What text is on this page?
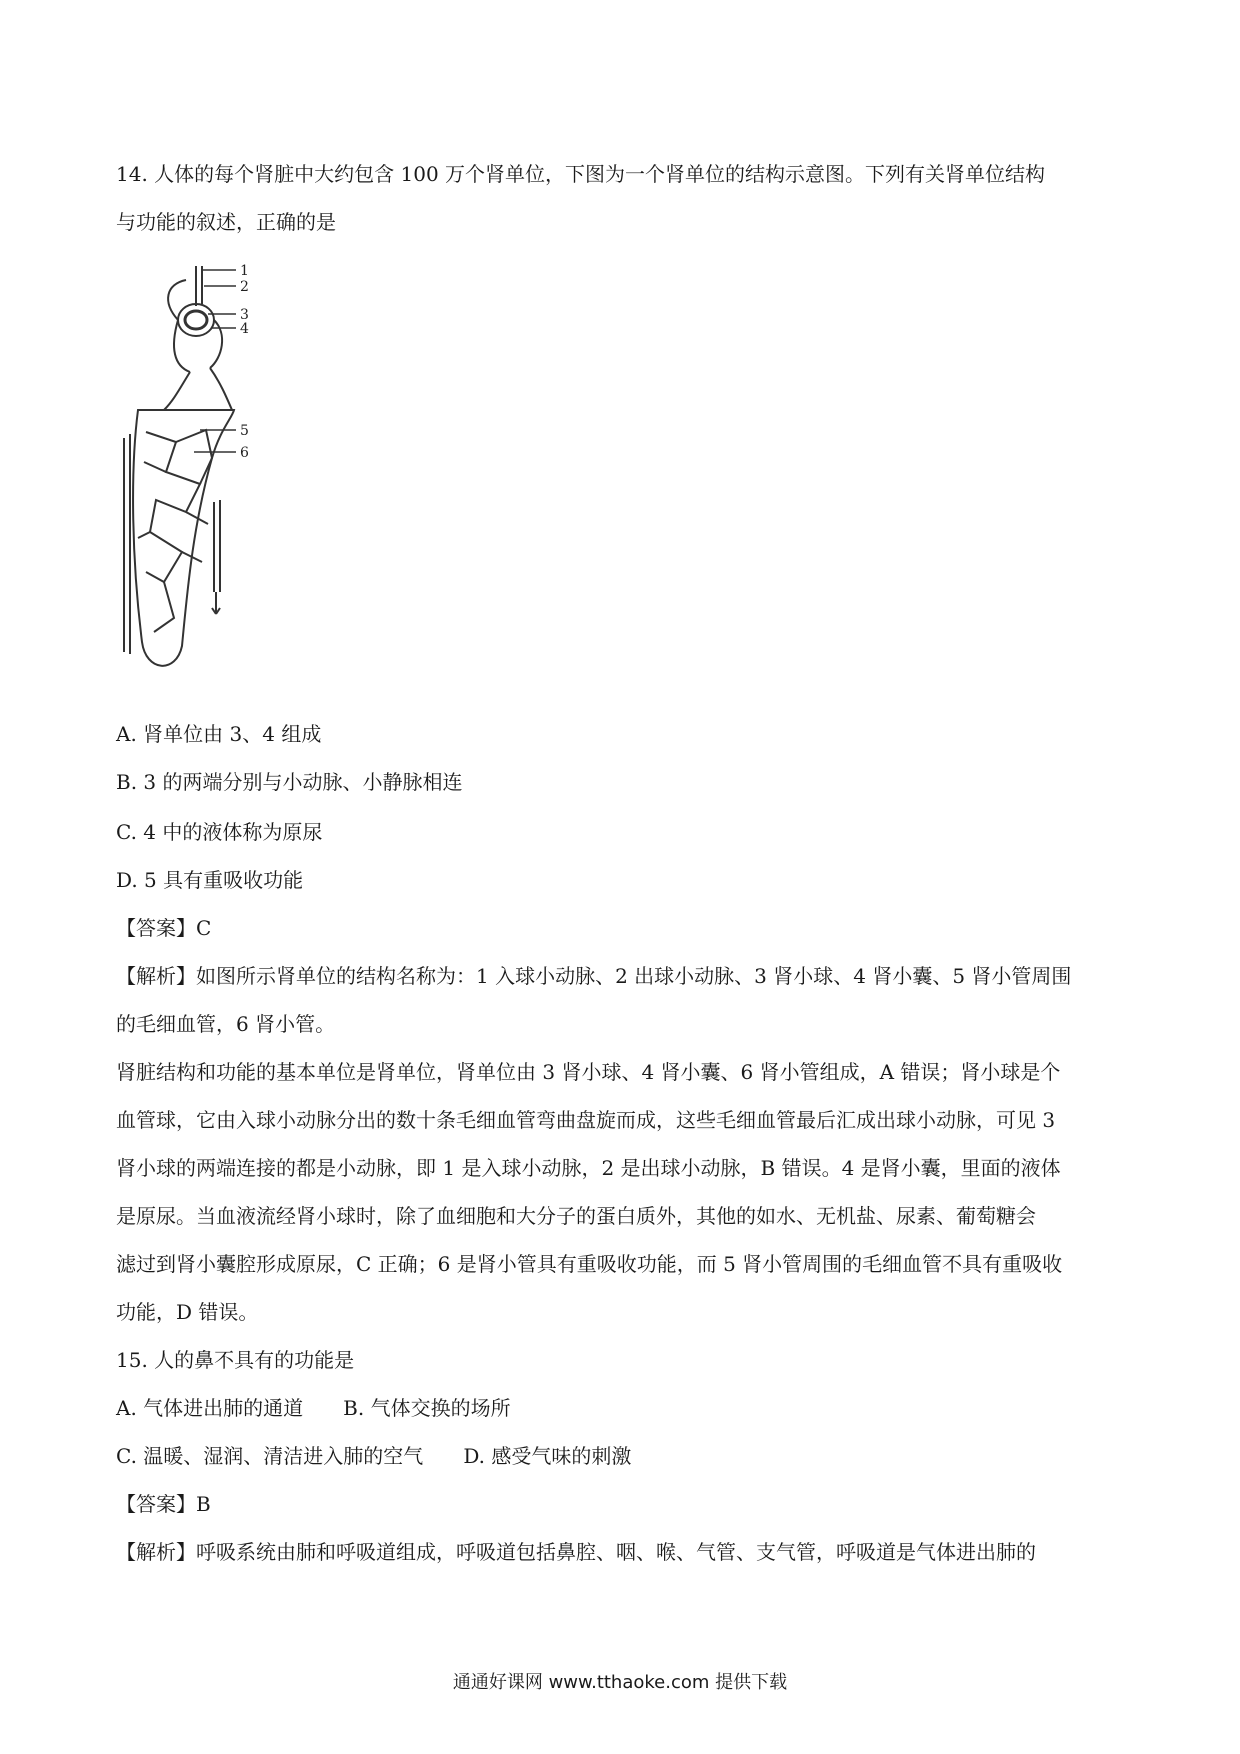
14. 人体的每个肾脏中大约包含 100 万个肾单位，下图为一个肾单位的结构示意图。下列有关肾单位结构
与功能的叙述，正确的是
1
2
3
4
5
6
A. 肾单位由 3、4 组成
B. 3 的两端分别与小动脉、小静脉相连
C. 4 中的液体称为原尿
D. 5 具有重吸收功能
【答案】C
【解析】如图所示肾单位的结构名称为：1 入球小动脉、2 出球小动脉、3 肾小球、4 肾小囊、5 肾小管周围
的毛细血管，6 肾小管。
肾脏结构和功能的基本单位是肾单位，肾单位由 3 肾小球、4 肾小囊、6 肾小管组成，A 错误；肾小球是个
血管球，它由入球小动脉分出的数十条毛细血管弯曲盘旋而成，这些毛细血管最后汇成出球小动脉，可见 3
肾小球的两端连接的都是小动脉，即 1 是入球小动脉，2 是出球小动脉，B 错误。4 是肾小囊，里面的液体
是原尿。当血液流经肾小球时，除了血细胞和大分子的蛋白质外，其他的如水、无机盐、尿素、葡萄糖会
滤过到肾小囊腔形成原尿，C 正确；6 是肾小管具有重吸收功能，而 5 肾小管周围的毛细血管不具有重吸收
功能，D 错误。
15. 人的鼻不具有的功能是
A. 气体进出肺的通道 B. 气体交换的场所
C. 温暖、湿润、清洁进入肺的空气 D. 感受气味的刺激
【答案】B
【解析】呼吸系统由肺和呼吸道组成，呼吸道包括鼻腔、咽、喉、气管、支气管，呼吸道是气体进出肺的
通通好课网 www.tthaoke.com 提供下载
